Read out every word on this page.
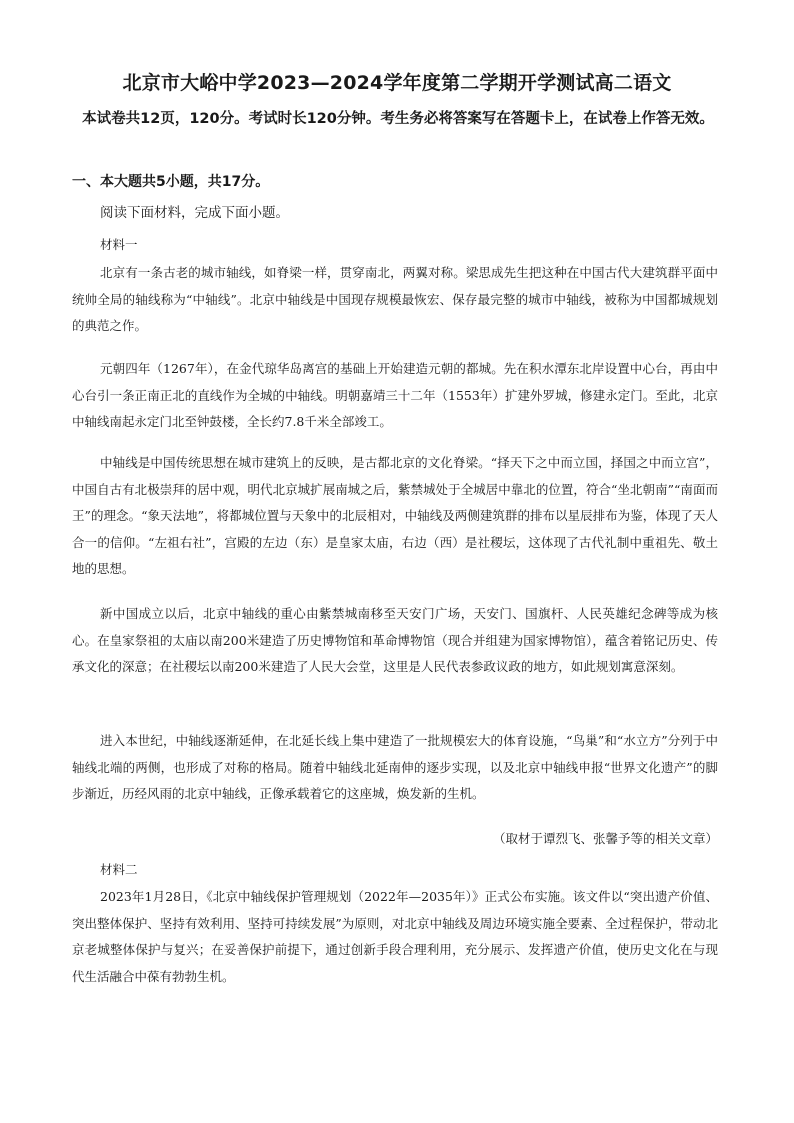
北京市大峪中学2023—2024学年度第二学期开学测试高二语文
本试卷共12页，120分。考试时长120分钟。考生务必将答案写在答题卡上，在试卷上作答无效。
一、本大题共5小题，共17分。
阅读下面材料，完成下面小题。
材料一

北京有一条古老的城市轴线，如脊梁一样，贯穿南北，两翼对称。梁思成先生把这种在中国古代大建筑群平面中统帅全局的轴线称为“中轴线”。北京中轴线是中国现存规模最恢宏、保存最完整的城市中轴线，被称为中国都城规划的典范之作。

元朝四年（1267年），在金代琼华岛离宫的基础上开始建造元朝的都城。先在积水潭东北岸设置中心台，再由中心台引一条正南正北的直线作为全城的中轴线。明朝嘉靖三十二年（1553年）扩建外罗城，修建永定门。至此，北京中轴线南起永定门北至钟鼓楼，全长约7.8千米全部竣工。

中轴线是中国传统思想在城市建筑上的反映，是古都北京的文化脊梁。“择天下之中而立国，择国之中而立宫”，中国自古有北极崇拜的居中观，明代北京城扩展南城之后，紫禁城处于全城居中靠北的位置，符合“坐北朝南”“南面而王”的理念。“象天法地”，将都城位置与天象中的北辰相对，中轴线及两侧建筑群的排布以星辰排布为鉴，体现了天人合一的信仰。“左祖右社”，宫殿的左边（东）是皇家太庙，右边（西）是社稷坛，这体现了古代礼制中重祖先、敬土地的思想。

新中国成立以后，北京中轴线的重心由紫禁城南移至天安门广场，天安门、国旗杆、人民英雄纪念碑等成为核心。在皇家祭祖的太庙以南200米建造了历史博物馆和革命博物馆（现合并组建为国家博物馆），蕴含着铭记历史、传承文化的深意；在社稷坛以南200米建造了人民大会堂，这里是人民代表参政议政的地方，如此规划寓意深刻。

进入本世纪，中轴线逐渐延伸，在北延长线上集中建造了一批规模宏大的体育设施，“鸟巢”和“水立方”分列于中轴线北端的两侧，也形成了对称的格局。随着中轴线北延南伸的逐步实现，以及北京中轴线申报“世界文化遗产”的脚步渐近，历经风雨的北京中轴线，正像承载着它的这座城，焕发新的生机。

（取材于谭烈飞、张馨予等的相关文章）
材料二

2023年1月28日，《北京中轴线保护管理规划（2022年—2035年）》正式公布实施。该文件以“突出遗产价值、突出整体保护、坚持有效利用、坚持可持续发展”为原则，对北京中轴线及周边环境实施全要素、全过程保护，带动北京老城整体保护与复兴；在妥善保护前提下，通过创新手段合理利用，充分展示、发挥遗产价值，使历史文化在与现代生活融合中葆有勃勃生机。
